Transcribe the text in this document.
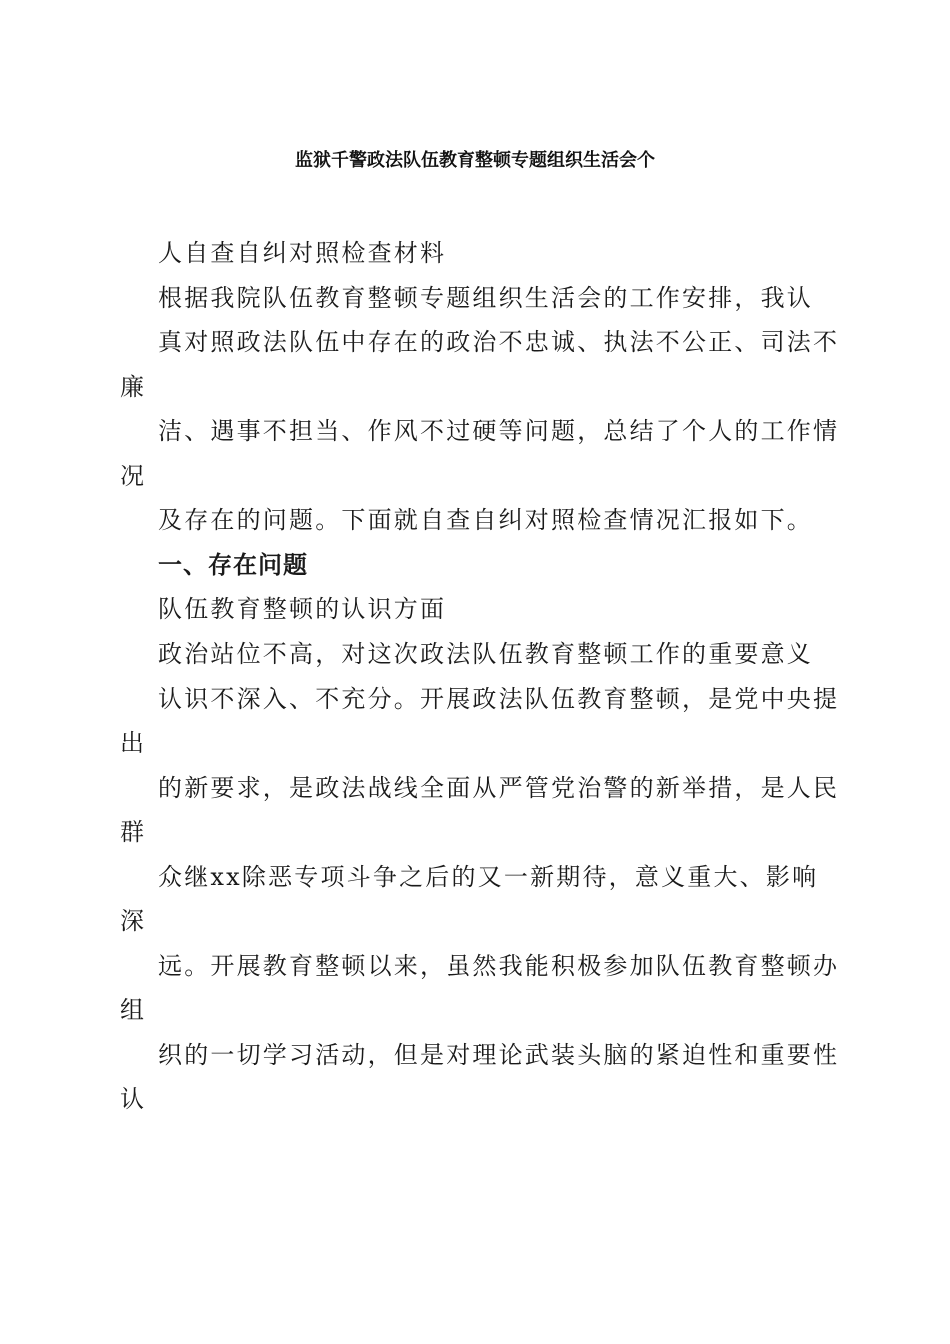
监狱千警政法队伍教育整顿专题组织生活会个
人自查自纠对照检查材料
根据我院队伍教育整顿专题组织生活会的工作安排，我认
真对照政法队伍中存在的政治不忠诚、执法不公正、司法不
廉
洁、遇事不担当、作风不过硬等问题，总结了个人的工作情
况
及存在的问题。下面就自查自纠对照检查情况汇报如下。
一、存在问题
队伍教育整顿的认识方面
政治站位不高，对这次政法队伍教育整顿工作的重要意义
认识不深入、不充分。开展政法队伍教育整顿，是党中央提
出
的新要求，是政法战线全面从严管党治警的新举措，是人民
群
众继xx除恶专项斗争之后的又一新期待，意义重大、影响
深
远。开展教育整顿以来，虽然我能积极参加队伍教育整顿办
组
织的一切学习活动，但是对理论武装头脑的紧迫性和重要性
认
